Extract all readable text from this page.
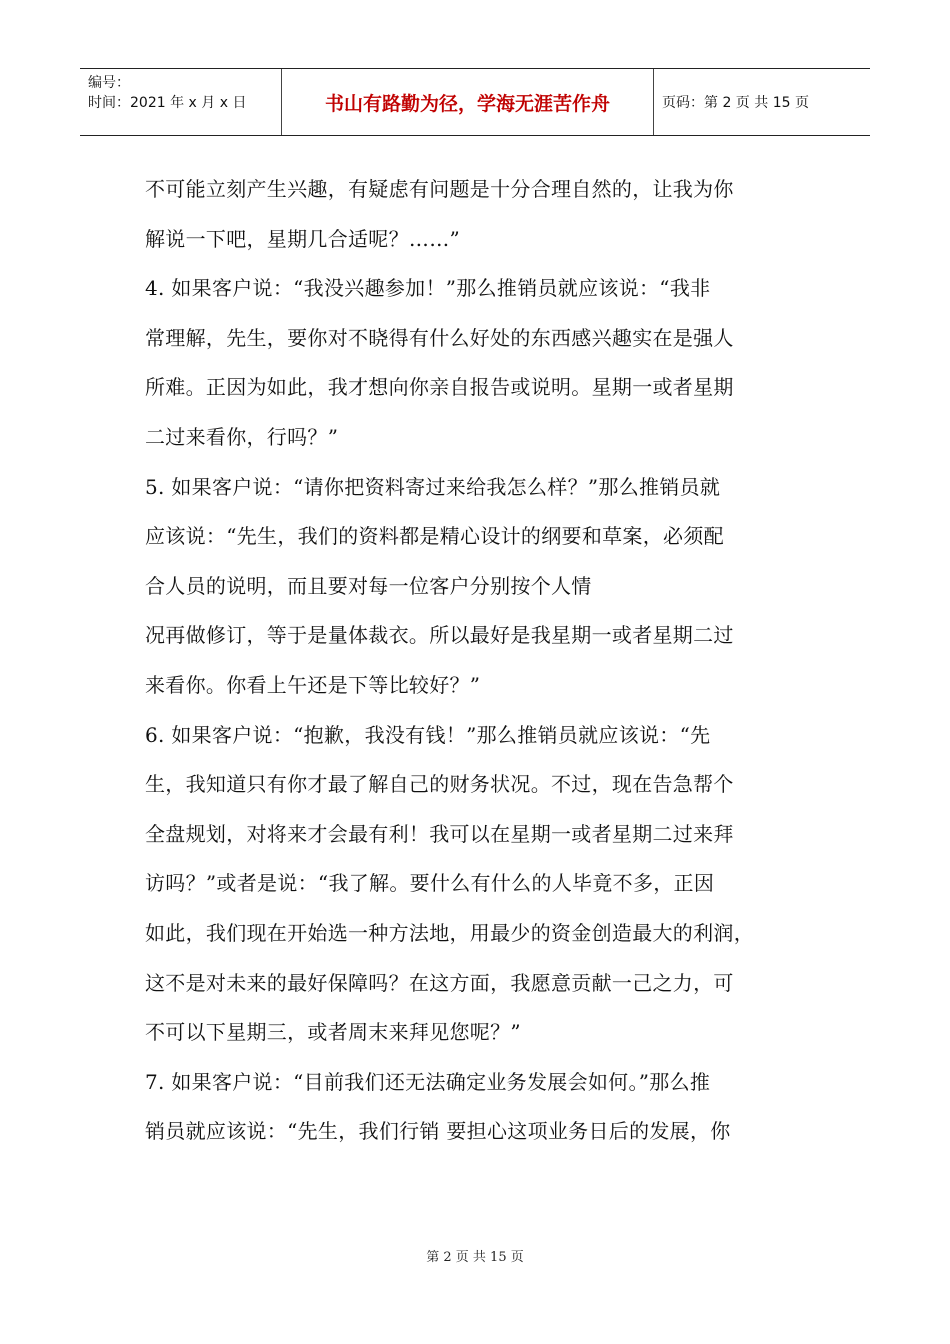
编号：
时间：2021 年 x 月 x 日	书山有路勤为径，学海无涯苦作舟	页码：第 2 页 共 15 页
不可能立刻产生兴趣，有疑虑有问题是十分合理自然的，让我为你
解说一下吧，星期几合适呢？……”
4. 如果客户说：“我没兴趣参加！”那么推销员就应该说：“我非
常理解，先生，要你对不晓得有什么好处的东西感兴趣实在是强人
所难。正因为如此，我才想向你亲自报告或说明。星期一或者星期
二过来看你，行吗？”
5. 如果客户说：“请你把资料寄过来给我怎么样？”那么推销员就
应该说：“先生，我们的资料都是精心设计的纲要和草案，必须配
合人员的说明，而且要对每一位客户分别按个人情
况再做修订，等于是量体裁衣。所以最好是我星期一或者星期二过
来看你。你看上午还是下等比较好？”
6. 如果客户说：“抱歉，我没有钱！”那么推销员就应该说：“先
生，我知道只有你才最了解自己的财务状况。不过，现在告急帮个
全盘规划，对将来才会最有利！我可以在星期一或者星期二过来拜
访吗？”或者是说：“我了解。要什么有什么的人毕竟不多，正因
如此，我们现在开始选一种方法地，用最少的资金创造最大的利润，
这不是对未来的最好保障吗？在这方面，我愿意贡献一己之力，可
不可以下星期三，或者周末来拜见您呢？”
7. 如果客户说：“目前我们还无法确定业务发展会如何。”那么推
销员就应该说：“先生，我们行销 要担心这项业务日后的发展，你
第 2 页 共 15 页
